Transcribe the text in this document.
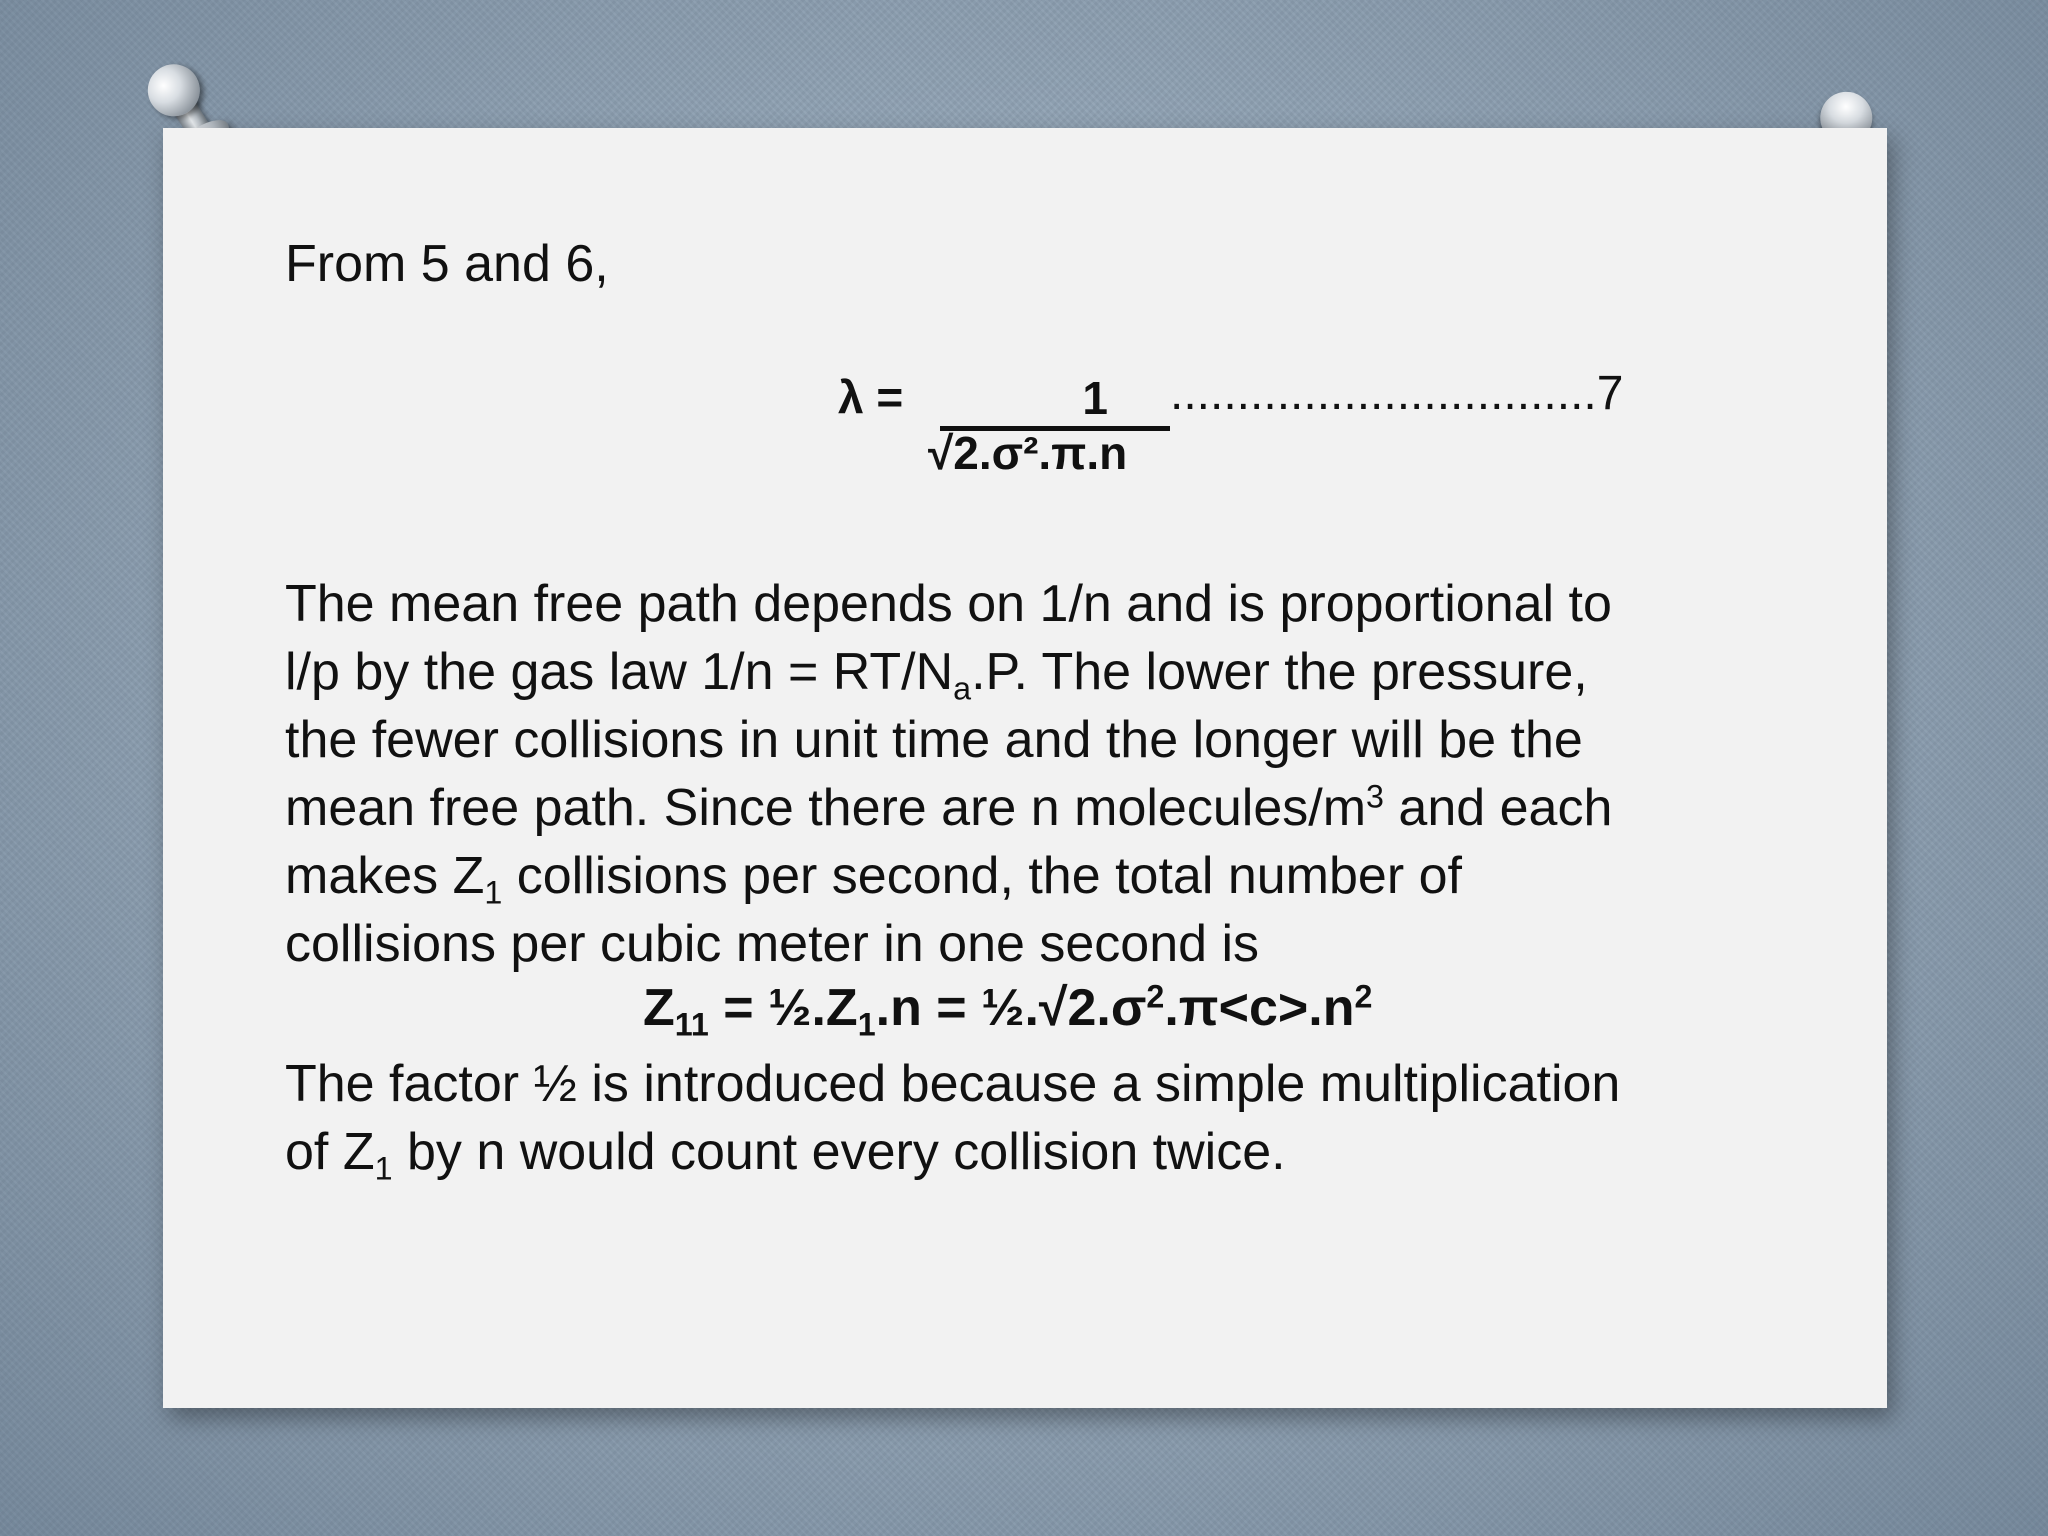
From 5 and 6,
λ =	1	................................7
√2.σ².π.n
The mean free path depends on 1/n and is proportional to
l/p by the gas law $1/n = RT/N_a.P$. The lower the pressure,
the fewer collisions in unit time and the longer will be the
mean free path. Since there are n molecules/$m^3$ and each
makes $Z_1$ collisions per second, the total number of
collisions per cubic meter in one second is
$Z_{11}$ = $\frac{1}{2}.Z_1.n$ = $\frac{1}{2}.√2.\sigma^2.\pi<c>.n^2$
The factor ½ is introduced because a simple multiplication
of $Z_1$ by n would count every collision twice.
